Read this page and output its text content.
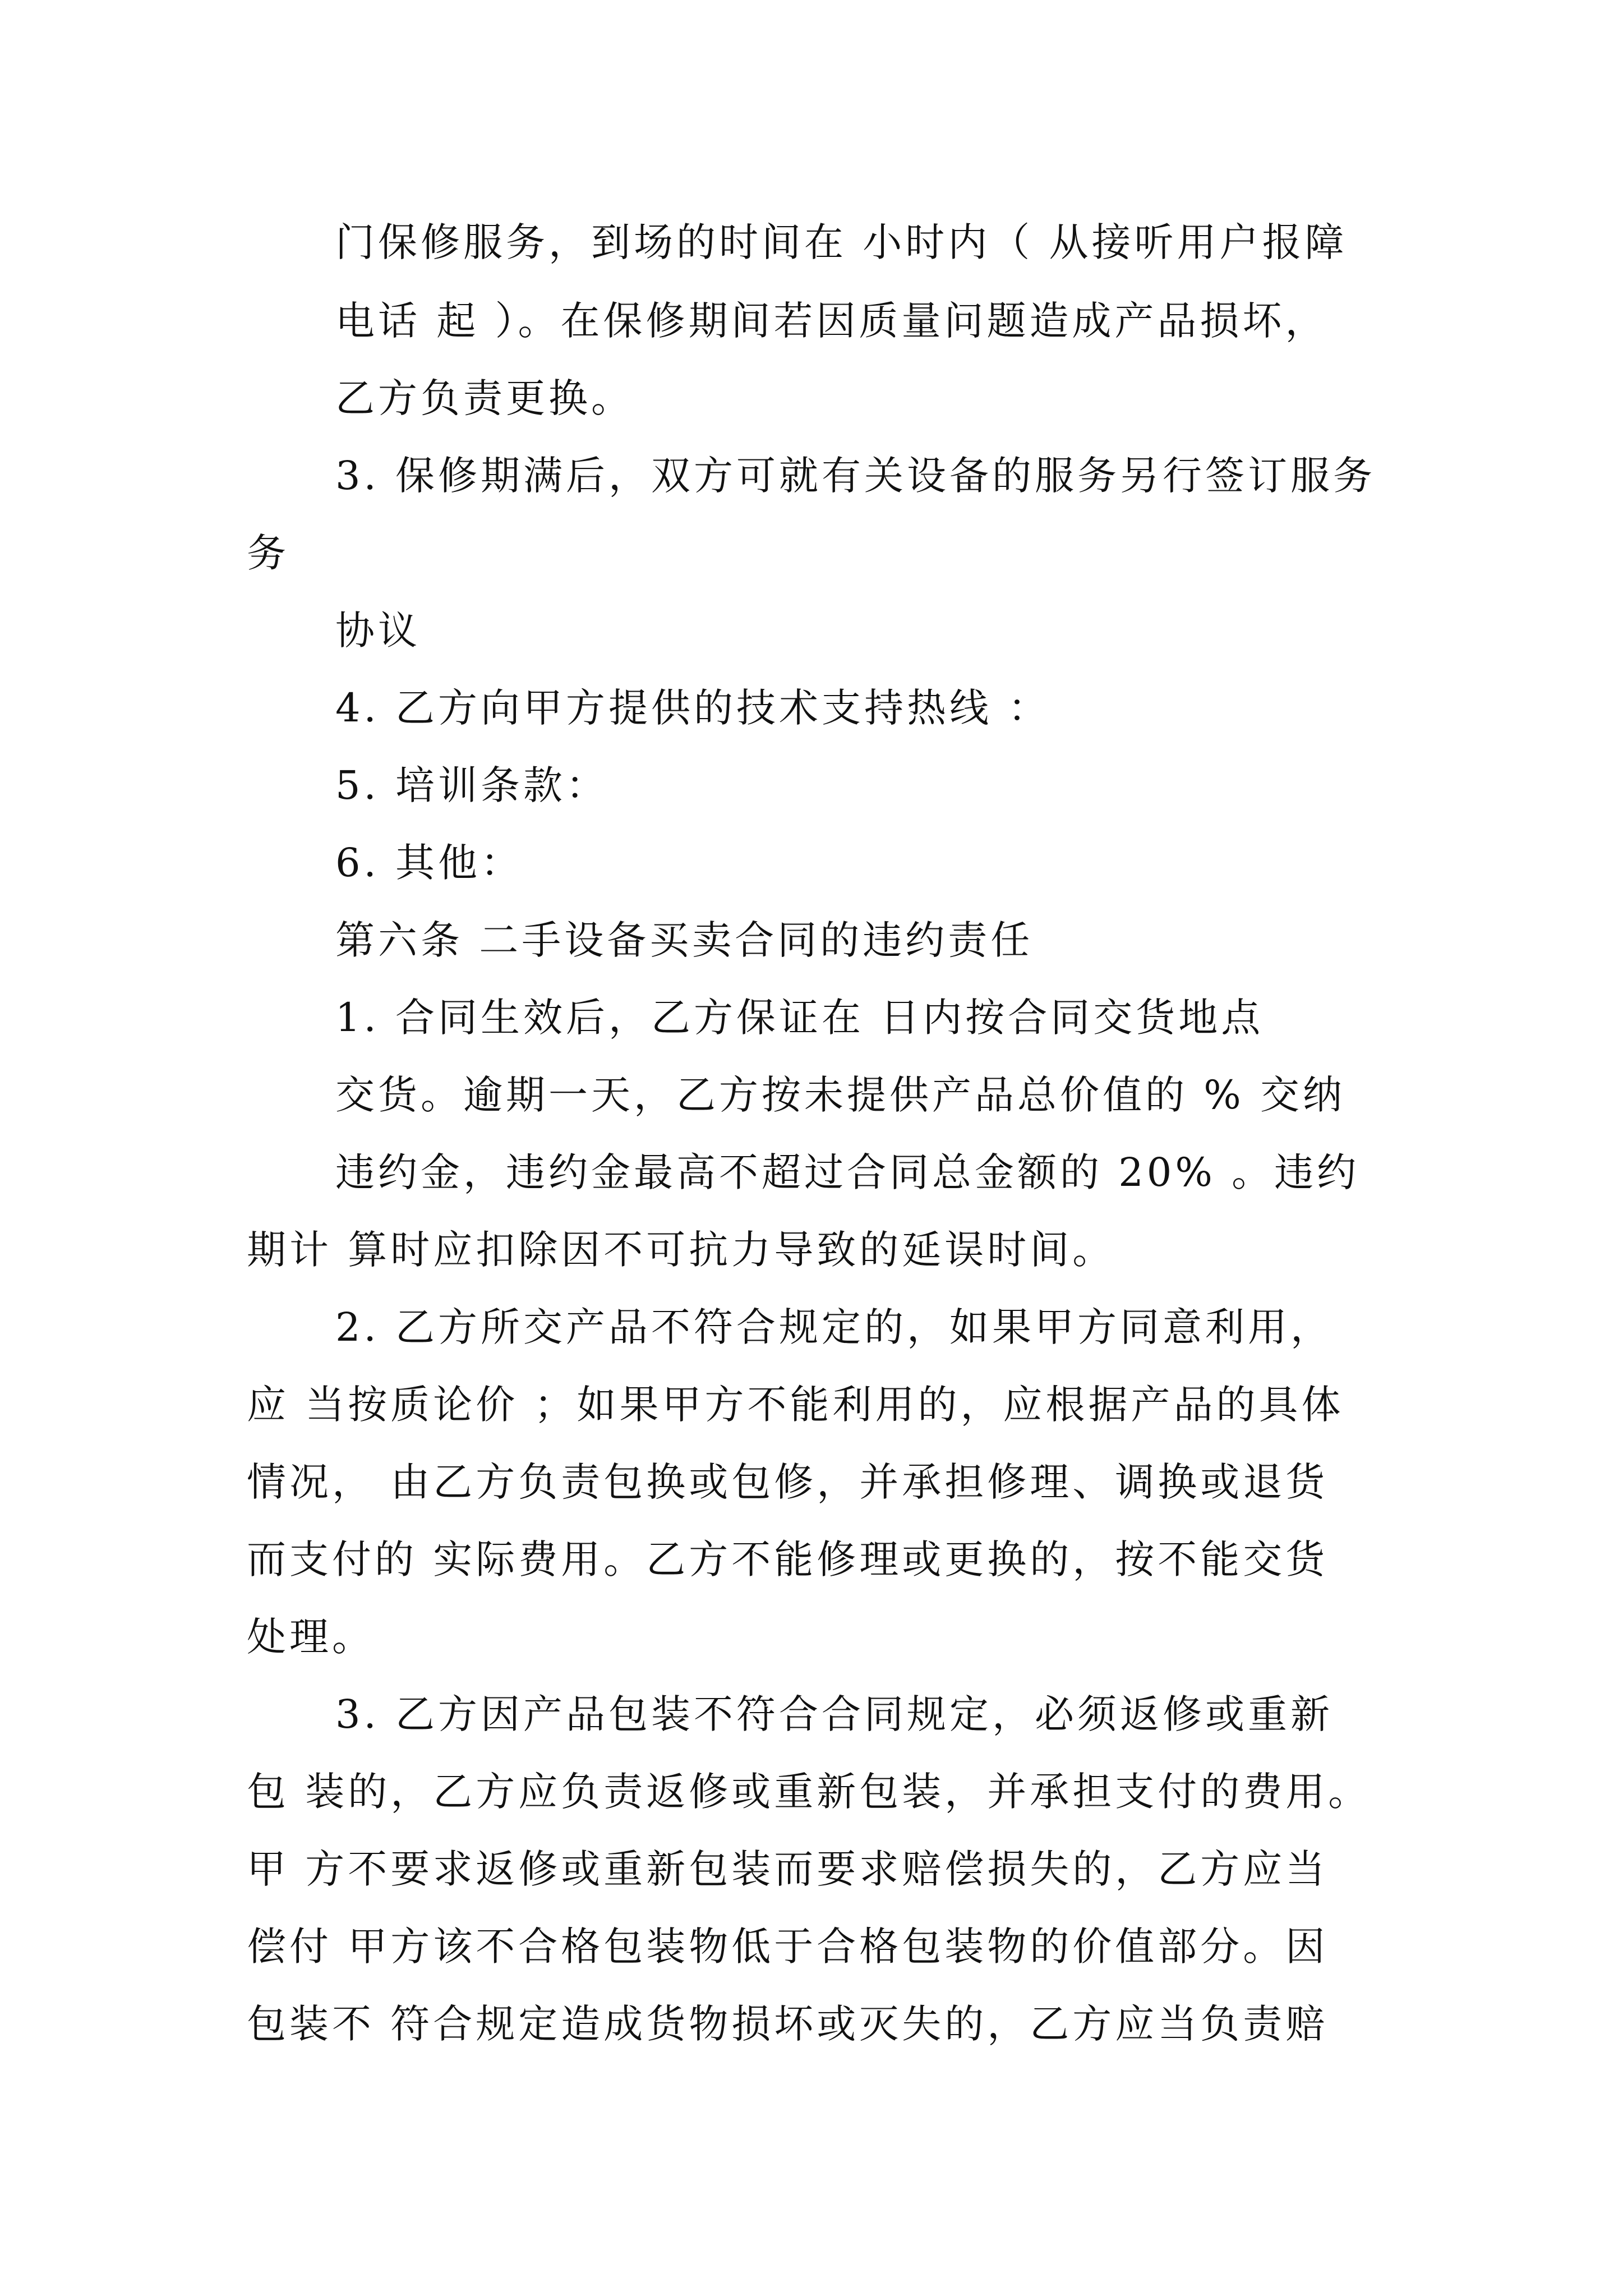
门保修服务，到场的时间在 小时内（ 从接听用户报障
电话 起 ）。在保修期间若因质量问题造成产品损坏，
乙方负责更换。
3. 保修期满后，双方可就有关设备的服务另行签订服务
务
协议
4. 乙方向甲方提供的技术支持热线 ：
5. 培训条款：
6. 其他：
第六条 二手设备买卖合同的违约责任
1. 合同生效后，乙方保证在 日内按合同交货地点
交货。逾期一天，乙方按未提供产品总价值的 % 交纳
违约金，违约金最高不超过合同总金额的 20% 。违约
期计 算时应扣除因不可抗力导致的延误时间。
2. 乙方所交产品不符合规定的，如果甲方同意利用，
应 当按质论价 ；如果甲方不能利用的，应根据产品的具体
情况， 由乙方负责包换或包修，并承担修理、调换或退货
而支付的 实际费用。乙方不能修理或更换的，按不能交货
处理。
3. 乙方因产品包装不符合合同规定，必须返修或重新
包 装的，乙方应负责返修或重新包装，并承担支付的费用。
甲 方不要求返修或重新包装而要求赔偿损失的，乙方应当
偿付 甲方该不合格包装物低于合格包装物的价值部分。因
包装不 符合规定造成货物损坏或灭失的，乙方应当负责赔
